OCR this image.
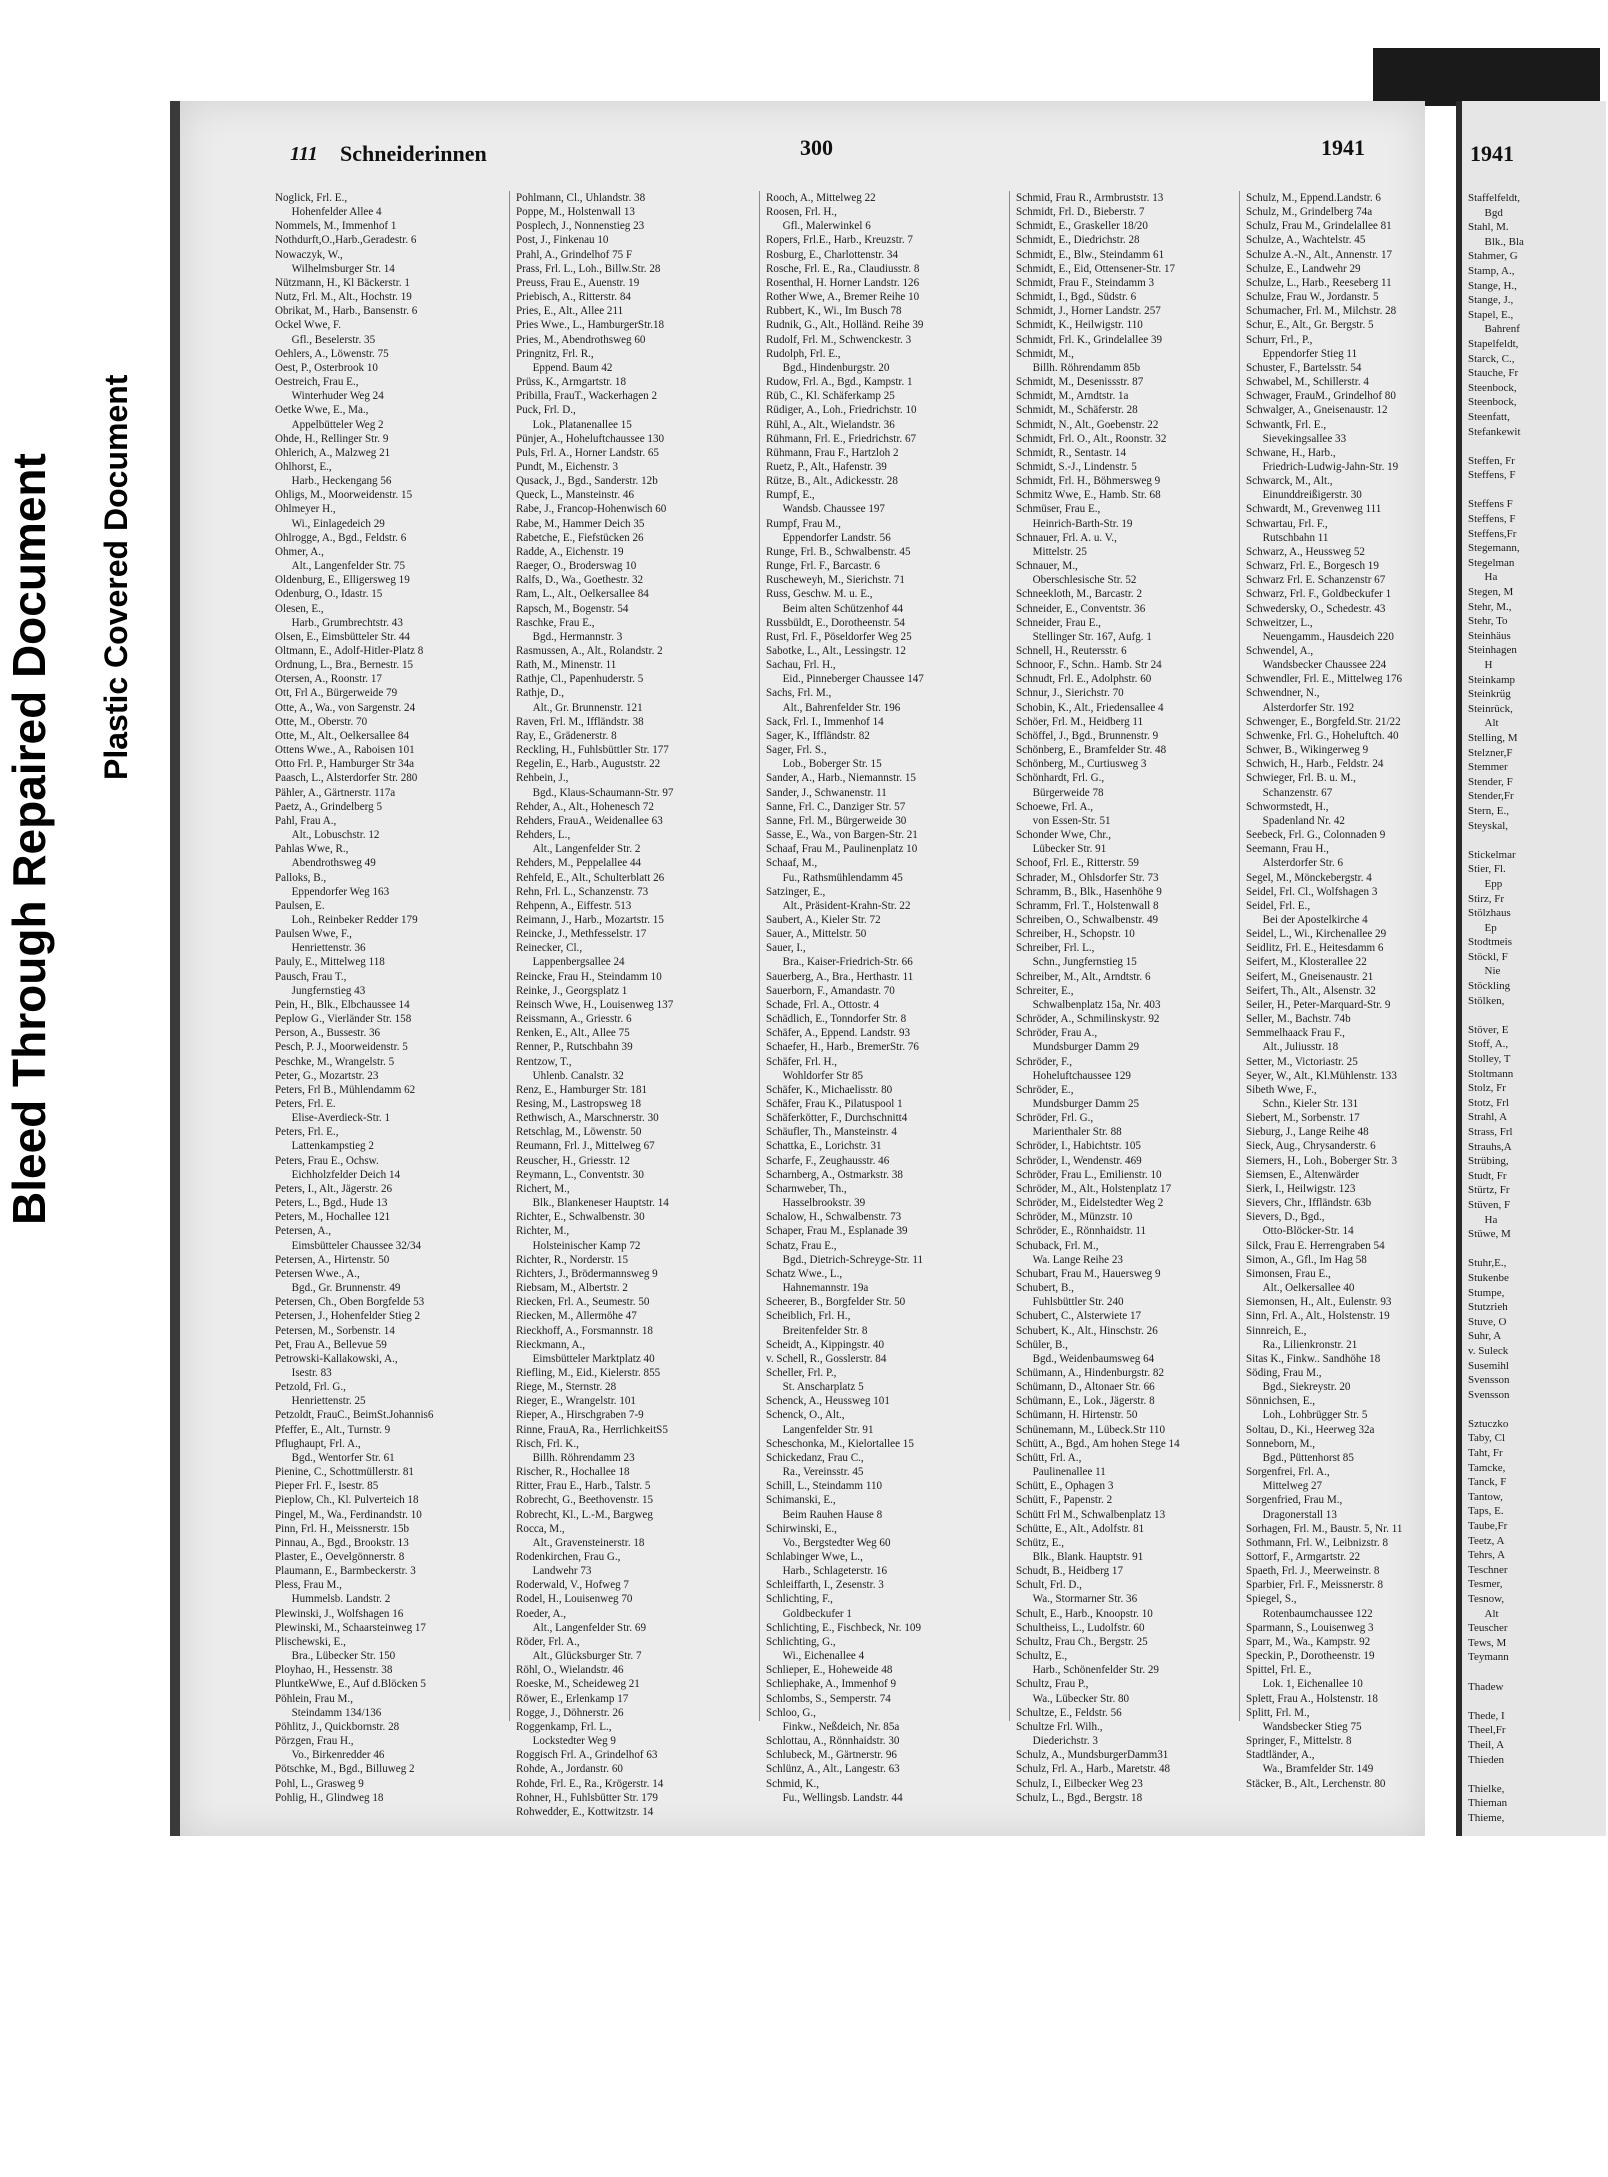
Bleed Through Repaired Document Plastic Covered Document
111 Schneiderinnen	300	1941
Noglick, Frl. E.,
Hohenfelder Allee 4
Nommels, M., Immenhof 1
Nothdurft,O.,Harb.,Geradestr. 6
Nowaczyk, W.,
Wilhelmsburger Str. 14
Nützmann, H., Kl Bäckerstr. 1
Nutz, Frl. M., Alt., Hochstr. 19
Obrikat, M., Harb., Bansenstr. 6
Ockel Wwe, F.
Gfl., Beselerstr. 35
Oehlers, A., Löwenstr. 75
Oest, P., Osterbrook 10
Oestreich, Frau E.,
Winterhuder Weg 24
Oetke Wwe, E., Ma.,
Appelbütteler Weg 2
Ohde, H., Rellinger Str. 9
Ohlerich, A., Malzweg 21
Ohlhorst, E.,
Harb., Heckengang 56
Ohligs, M., Moorweidenstr. 15
Ohlmeyer H.,
Wi., Einlagedeich 29
Ohlrogge, A., Bgd., Feldstr. 6
Ohmer, A.,
Alt., Langenfelder Str. 75
Oldenburg, E., Elligersweg 19
Odenburg, O., Idastr. 15
Olesen, E.,
Harb., Grumbrechtstr. 43
Olsen, E., Eimsbütteler Str. 44
Oltmann, E., Adolf-Hitler-Platz 8
Ordnung, L., Bra., Bernestr. 15
Otersen, A., Roonstr. 17
Ott, Frl A., Bürgerweide 79
Otte, A., Wa., von Sargenstr. 24
Otte, M., Oberstr. 70
Otte, M., Alt., Oelkersallee 84
Ottens Wwe., A., Raboisen 101
Otto Frl. P., Hamburger Str 34a
Paasch, L., Alsterdorfer Str. 280
Pähler, A., Gärtnerstr. 117a
Paetz, A., Grindelberg 5
Pahl, Frau A.,
Alt., Lobuschstr. 12
Pahlas Wwe, R.,
Abendrothsweg 49
Palloks, B.,
Eppendorfer Weg 163
Paulsen, E.
Loh., Reinbeker Redder 179
Paulsen Wwe, F.,
Henriettenstr. 36
Pauly, E., Mittelweg 118
Pausch, Frau T.,
Jungfernstieg 43
Pein, H., Blk., Elbchaussee 14
Peplow G., Vierländer Str. 158
Person, A., Bussestr. 36
Pesch, P. J., Moorweidenstr. 5
Peschke, M., Wrangelstr. 5
Peter, G., Mozartstr. 23
Peters, Frl B., Mühlendamm 62
Peters, Frl. E.
Elise-Averdieck-Str. 1
Peters, Frl. E.,
Lattenkampstieg 2
Peters, Frau E., Ochsw.
Eichholzfelder Deich 14
Peters, I., Alt., Jägerstr. 26
Peters, L., Bgd., Hude 13
Peters, M., Hochallee 121
Petersen, A.,
Eimsbütteler Chaussee 32/34
Petersen, A., Hirtenstr. 50
Petersen Wwe., A.,
Bgd., Gr. Brunnenstr. 49
Petersen, Ch., Oben Borgfelde 53
Petersen, J., Hohenfelder Stieg 2
Petersen, M., Sorbenstr. 14
Pet, Frau A., Bellevue 59
Petrowski-Kallakowski, A.,
Isestr. 83
Petzold, Frl. G.,
Henriettenstr. 25
Petzoldt, FrauC., BeimSt.Johannis6
Pfeffer, E., Alt., Turnstr. 9
Pflughaupt, Frl. A.,
Bgd., Wentorfer Str. 61
Pienine, C., Schottmüllerstr. 81
Pieper Frl. F., Isestr. 85
Pieplow, Ch., Kl. Pulverteich 18
Pingel, M., Wa., Ferdinandstr. 10
Pinn, Frl. H., Meissnerstr. 15b
Pinnau, A., Bgd., Brookstr. 13
Plaster, E., Oevelgönnerstr. 8
Plaumann, E., Barmbeckerstr. 3
Pless, Frau M.,
Hummelsb. Landstr. 2
Plewinski, J., Wolfshagen 16
Plewinski, M., Schaarsteinweg 17
Plischewski, E.,
Bra., Lübecker Str. 150
Ployhao, H., Hessenstr. 38
PluntkeWwe, E., Auf d.Blöcken 5
Pöhlein, Frau M.,
Steindamm 134/136
Pöhlitz, J., Quickbornstr. 28
Pörzgen, Frau H.,
Vo., Birkenredder 46
Pötschke, M., Bgd., Billuweg 2
Pohl, L., Grasweg 9
Pohlig, H., Glindweg 18
Pohlmann, Cl., Uhlandstr. 38
Poppe, M., Holstenwall 13
Posplech, J., Nonnenstieg 23
Post, J., Finkenau 10
Prahl, A., Grindelhof 75 F
Prass, Frl. L., Loh., Billw.Str. 28
Preuss, Frau E., Auenstr. 19
Priebisch, A., Ritterstr. 84
Pries, E., Alt., Allee 211
Pries Wwe., L., HamburgerStr.18
Pries, M., Abendrothsweg 60
Pringnitz, Frl. R.,
Eppend. Baum 42
Prüss, K., Armgartstr. 18
Pribilla, FrauT., Wackerhagen 2
Puck, Frl. D.,
Lok., Platanenallee 15
Pünjer, A., Hoheluftchaussee 130
Puls, Frl. A., Horner Landstr. 65
Pundt, M., Eichenstr. 3
Qusack, J., Bgd., Sanderstr. 12b
Queck, L., Mansteinstr. 46
Rabe, J., Francop-Hohenwisch 60
Rabe, M., Hammer Deich 35
Rabetche, E., Fiefstücken 26
Radde, A., Eichenstr. 19
Raeger, O., Broderswag 10
Ralfs, D., Wa., Goethestr. 32
Ram, L., Alt., Oelkersallee 84
Rapsch, M., Bogenstr. 54
Raschke, Frau E.,
Bgd., Hermannstr. 3
Rasmussen, A., Alt., Rolandstr. 2
Rath, M., Minenstr. 11
Rathje, Cl., Papenhuderstr. 5
Rathje, D.,
Alt., Gr. Brunnenstr. 121
Raven, Frl. M., Iffländstr. 38
Ray, E., Grädenerstr. 8
Reckling, H., Fuhlsbüttler Str. 177
Regelin, E., Harb., Auguststr. 22
Rehbein, J.,
Bgd., Klaus-Schaumann-Str. 97
Rehder, A., Alt., Hohenesch 72
Rehders, FrauA., Weidenallee 63
Rehders, L.,
Alt., Langenfelder Str. 2
Rehders, M., Peppelallee 44
Rehfeld, E., Alt., Schulterblatt 26
Rehn, Frl. L., Schanzenstr. 73
Rehpenn, A., Eiffestr. 513
Reimann, J., Harb., Mozartstr. 15
Reincke, J., Methfesselstr. 17
Reinecker, Cl.,
Lappenbergsallee 24
Reincke, Frau H., Steindamm 10
Reinke, J., Georgsplatz 1
Reinsch Wwe, H., Louisenweg 137
Reissmann, A., Griesstr. 6
Renken, E., Alt., Allee 75
Renner, P., Rutschbahn 39
Rentzow, T.,
Uhlenb. Canalstr. 32
Renz, E., Hamburger Str. 181
Resing, M., Lastropsweg 18
Rethwisch, A., Marschnerstr. 30
Retschlag, M., Löwenstr. 50
Reumann, Frl. J., Mittelweg 67
Reuscher, H., Griesstr. 12
Reymann, L., Conventstr. 30
Richert, M.,
Blk., Blankeneser Hauptstr. 14
Richter, E., Schwalbenstr. 30
Richter, M.,
Holsteinischer Kamp 72
Richter, R., Norderstr. 15
Richters, J., Brödermannsweg 9
Riebsam, M., Albertstr. 2
Riecken, Frl. A., Seumestr. 50
Riecken, M., Allermöhe 47
Rieckhoff, A., Forsmannstr. 18
Rieckmann, A.,
Eimsbütteler Marktplatz 40
Riefling, M., Eid., Kielerstr. 855
Riege, M., Sternstr. 28
Rieger, E., Wrangelstr. 101
Rieper, A., Hirschgraben 7-9
Rinne, FrauA, Ra., HerrlichkeitS5
Risch, Frl. K.,
Billh. Röhrendamm 23
Rischer, R., Hochallee 18
Ritter, Frau E., Harb., Talstr. 5
Robrecht, G., Beethovenstr. 15
Robrecht, Kl., L.-M., Bargweg
Rocca, M.,
Alt., Gravensteinerstr. 18
Rodenkirchen, Frau G.,
Landwehr 73
Roderwald, V., Hofweg 7
Rodel, H., Louisenweg 70
Roeder, A.,
Alt., Langenfelder Str. 69
Röder, Frl. A.,
Alt., Glücksburger Str. 7
Röhl, O., Wielandstr. 46
Roeske, M., Scheideweg 21
Röwer, E., Erlenkamp 17
Rogge, J., Döhnerstr. 26
Roggenkamp, Frl. L.,
Lockstedter Weg 9
Roggisch Frl. A., Grindelhof 63
Rohde, A., Jordanstr. 60
Rohde, Frl. E., Ra., Krögerstr. 14
Rohner, H., Fuhlsbütter Str. 179
Rohwedder, E., Kottwitzstr. 14
Rooch, A., Mittelweg 22
Roosen, Frl. H.,
Gfl., Malerwinkel 6
Ropers, Frl.E., Harb., Kreuzstr. 7
Rosburg, E., Charlottenstr. 34
Rosche, Frl. E., Ra., Claudiusstr. 8
Rosenthal, H. Horner Landstr. 126
Rother Wwe, A., Bremer Reihe 10
Rubbert, K., Wi., Im Busch 78
Rudnik, G., Alt., Holländ. Reihe 39
Rudolf, Frl. M., Schwenckestr. 3
Rudolph, Frl. E.,
Bgd., Hindenburgstr. 20
Rudow, Frl. A., Bgd., Kampstr. 1
Rüb, C., Kl. Schäferkamp 25
Rüdiger, A., Loh., Friedrichstr. 10
Rühl, A., Alt., Wielandstr. 36
Rühmann, Frl. E., Friedrichstr. 67
Rühmann, Frau F., Hartzloh 2
Ruetz, P., Alt., Hafenstr. 39
Rütze, B., Alt., Adickesstr. 28
Rumpf, E.,
Wandsb. Chaussee 197
Rumpf, Frau M.,
Eppendorfer Landstr. 56
Runge, Frl. B., Schwalbenstr. 45
Runge, Frl. F., Barcastr. 6
Ruscheweyh, M., Sierichstr. 71
Russ, Geschw. M. u. E.,
Beim alten Schützenhof 44
Russbüldt, E., Dorotheenstr. 54
Rust, Frl. F., Pöseldorfer Weg 25
Sabotke, L., Alt., Lessingstr. 12
Sachau, Frl. H.,
Eid., Pinneberger Chaussee 147
Sachs, Frl. M.,
Alt., Bahrenfelder Str. 196
Sack, Frl. I., Immenhof 14
Sager, K., Iffländstr. 82
Sager, Frl. S.,
Lob., Boberger Str. 15
Sander, A., Harb., Niemannstr. 15
Sander, J., Schwanenstr. 11
Sanne, Frl. C., Danziger Str. 57
Sanne, Frl. M., Bürgerweide 30
Sasse, E., Wa., von Bargen-Str. 21
Schaaf, Frau M., Paulinenplatz 10
Schaaf, M.,
Fu., Rathsmühlendamm 45
Satzinger, E.,
Alt., Präsident-Krahn-Str. 22
Saubert, A., Kieler Str. 72
Sauer, A., Mittelstr. 50
Sauer, I.,
Bra., Kaiser-Friedrich-Str. 66
Sauerberg, A., Bra., Herthastr. 11
Sauerborn, F., Amandastr. 70
Schade, Frl. A., Ottostr. 4
Schädlich, E., Tonndorfer Str. 8
Schäfer, A., Eppend. Landstr. 93
Schaefer, H., Harb., BremerStr. 76
Schäfer, Frl. H.,
Wohldorfer Str 85
Schäfer, K., Michaelisstr. 80
Schäfer, Frau K., Pilatuspool 1
Schäferkötter, F., Durchschnitt4
Schäufler, Th., Mansteinstr. 4
Schattka, E., Lorichstr. 31
Scharfe, F., Zeughausstr. 46
Scharnberg, A., Ostmarkstr. 38
Scharnweber, Th.,
Hasselbrookstr. 39
Schalow, H., Schwalbenstr. 73
Schaper, Frau M., Esplanade 39
Schatz, Frau E.,
Bgd., Dietrich-Schreyge-Str. 11
Schatz Wwe., L.,
Hahnemannstr. 19a
Scheerer, B., Borgfelder Str. 50
Scheiblich, Frl. H.,
Breitenfelder Str. 8
Scheidt, A., Kippingstr. 40
v. Schell, R., Gosslerstr. 84
Scheller, Frl. P.,
St. Anscharplatz 5
Schenck, A., Heussweg 101
Schenck, O., Alt.,
Langenfelder Str. 91
Scheschonka, M., Kielortallee 15
Schickedanz, Frau C.,
Ra., Vereinsstr. 45
Schill, L., Steindamm 110
Schimanski, E.,
Beim Rauhen Hause 8
Schirwinski, E.,
Vo., Bergstedter Weg 60
Schlabinger Wwe, L.,
Harb., Schlageterstr. 16
Schleiffarth, I., Zesenstr. 3
Schlichting, F.,
Goldbeckufer 1
Schlichting, E., Fischbeck, Nr. 109
Schlichting, G.,
Wi., Eichenallee 4
Schlieper, E., Hoheweide 48
Schliephake, A., Immenhof 9
Schlombs, S., Semperstr. 74
Schloo, G.,
Finkw., Neßdeich, Nr. 85a
Schlottau, A., Rönnhaidstr. 30
Schlubeck, M., Gärtnerstr. 96
Schlünz, A., Alt., Langestr. 63
Schmid, K.,
Fu., Wellingsb. Landstr. 44
Schmid, Frau R., Armbruststr. 13
Schmidt, Frl. D., Bieberstr. 7
Schmidt, E., Graskeller 18/20
Schmidt, E., Diedrichstr. 28
Schmidt, E., Blw., Steindamm 61
Schmidt, E., Eid, Ottensener-Str. 17
Schmidt, Frau F., Steindamm 3
Schmidt, I., Bgd., Südstr. 6
Schmidt, J., Horner Landstr. 257
Schmidt, K., Heilwigstr. 110
Schmidt, Frl. K., Grindelallee 39
Schmidt, M.,
Billh. Röhrendamm 85b
Schmidt, M., Desenissstr. 87
Schmidt, M., Arndtstr. 1a
Schmidt, M., Schäferstr. 28
Schmidt, N., Alt., Goebenstr. 22
Schmidt, Frl. O., Alt., Roonstr. 32
Schmidt, R., Sentastr. 14
Schmidt, S.-J., Lindenstr. 5
Schmidt, Frl. H., Böhmersweg 9
Schmitz Wwe, E., Hamb. Str. 68
Schmüser, Frau E.,
Heinrich-Barth-Str. 19
Schnauer, Frl. A. u. V.,
Mittelstr. 25
Schnauer, M.,
Oberschlesische Str. 52
Schneekloth, M., Barcastr. 2
Schneider, E., Conventstr. 36
Schneider, Frau E.,
Stellinger Str. 167, Aufg. 1
Schnell, H., Reutersstr. 6
Schnoor, F., Schn.. Hamb. Str 24
Schnudt, Frl. E., Adolphstr. 60
Schnur, J., Sierichstr. 70
Schobin, K., Alt., Friedensallee 4
Schöer, Frl. M., Heidberg 11
Schöffel, J., Bgd., Brunnenstr. 9
Schönberg, E., Bramfelder Str. 48
Schönberg, M., Curtiusweg 3
Schönhardt, Frl. G.,
Bürgerweide 78
Schoewe, Frl. A.,
von Essen-Str. 51
Schonder Wwe, Chr.,
Lübecker Str. 91
Schoof, Frl. E., Ritterstr. 59
Schrader, M., Ohlsdorfer Str. 73
Schramm, B., Blk., Hasenhöhe 9
Schramm, Frl. T., Holstenwall 8
Schreiben, O., Schwalbenstr. 49
Schreiber, H., Schopstr. 10
Schreiber, Frl. L.,
Schn., Jungfernstieg 15
Schreiber, M., Alt., Arndtstr. 6
Schreiter, E.,
Schwalbenplatz 15a, Nr. 403
Schröder, A., Schmilinskystr. 92
Schröder, Frau A.,
Mundsburger Damm 29
Schröder, F.,
Hoheluftchaussee 129
Schröder, E.,
Mundsburger Damm 25
Schröder, Frl. G.,
Marienthaler Str. 88
Schröder, I., Habichtstr. 105
Schröder, I., Wendenstr. 469
Schröder, Frau L., Emilienstr. 10
Schröder, M., Alt., Holstenplatz 17
Schröder, M., Eidelstedter Weg 2
Schröder, M., Münzstr. 10
Schröder, E., Rönnhaidstr. 11
Schuback, Frl. M.,
Wa. Lange Reihe 23
Schubart, Frau M., Hauersweg 9
Schubert, B.,
Fuhlsbüttler Str. 240
Schubert, C., Alsterwiete 17
Schubert, K., Alt., Hinschstr. 26
Schüler, B.,
Bgd., Weidenbaumsweg 64
Schümann, A., Hindenburgstr. 82
Schümann, D., Altonaer Str. 66
Schümann, E., Lok., Jägerstr. 8
Schümann, H. Hirtenstr. 50
Schünemann, M., Lübeck.Str 110
Schütt, A., Bgd., Am hohen Stege 14
Schütt, Frl. A.,
Paulinenallee 11
Schütt, E., Ophagen 3
Schütt, F., Papenstr. 2
Schütt Frl M., Schwalbenplatz 13
Schütte, E., Alt., Adolfstr. 81
Schütz, E.,
Blk., Blank. Hauptstr. 91
Schudt, B., Heidberg 17
Schult, Frl. D.,
Wa., Stormarner Str. 36
Schult, E., Harb., Knoopstr. 10
Schultheiss, L., Ludolfstr. 60
Schultz, Frau Ch., Bergstr. 25
Schultz, E.,
Harb., Schönenfelder Str. 29
Schultz, Frau P.,
Wa., Lübecker Str. 80
Schultze, E., Feldstr. 56
Schultze Frl. Wilh.,
Diederichstr. 3
Schulz, A., MundsburgerDamm31
Schulz, Frl. A., Harb., Maretstr. 48
Schulz, I., Eilbecker Weg 23
Schulz, L., Bgd., Bergstr. 18
Schulz, M., Eppend.Landstr. 6
Schulz, M., Grindelberg 74a
Schulz, Frau M., Grindelallee 81
Schulze, A., Wachtelstr. 45
Schulze A.-N., Alt., Annenstr. 17
Schulze, E., Landwehr 29
Schulze, L., Harb., Reeseberg 11
Schulze, Frau W., Jordanstr. 5
Schumacher, Frl. M., Milchstr. 28
Schur, E., Alt., Gr. Bergstr. 5
Schurr, Frl., P.,
Eppendorfer Stieg 11
Schuster, F., Bartelsstr. 54
Schwabel, M., Schillerstr. 4
Schwager, FrauM., Grindelhof 80
Schwalger, A., Gneisenaustr. 12
Schwantk, Frl. E.,
Sievekingsallee 33
Schwane, H., Harb.,
Friedrich-Ludwig-Jahn-Str. 19
Schwarck, M., Alt.,
Einunddreißigerstr. 30
Schwardt, M., Grevenweg 111
Schwartau, Frl. F.,
Rutschbahn 11
Schwarz, A., Heussweg 52
Schwarz, Frl. E., Borgesch 19
Schwarz Frl. E. Schanzenstr 67
Schwarz, Frl. F., Goldbeckufer 1
Schwedersky, O., Schedestr. 43
Schweitzer, L.,
Neuengamm., Hausdeich 220
Schwendel, A.,
Wandsbecker Chaussee 224
Schwendler, Frl. E., Mittelweg 176
Schwendner, N.,
Alsterdorfer Str. 192
Schwenger, E., Borgfeld.Str. 21/22
Schwenke, Frl. G., Hoheluftch. 40
Schwer, B., Wikingerweg 9
Schwich, H., Harb., Feldstr. 24
Schwieger, Frl. B. u. M.,
Schanzenstr. 67
Schwormstedt, H.,
Spadenland Nr. 42
Seebeck, Frl. G., Colonnaden 9
Seemann, Frau H.,
Alsterdorfer Str. 6
Segel, M., Mönckebergstr. 4
Seidel, Frl. Cl., Wolfshagen 3
Seidel, Frl. E.,
Bei der Apostelkirche 4
Seidel, L., Wi., Kirchenallee 29
Seidlitz, Frl. E., Heitesdamm 6
Seifert, M., Klosterallee 22
Seifert, M., Gneisenaustr. 21
Seifert, Th., Alt., Alsenstr. 32
Seiler, H., Peter-Marquard-Str. 9
Seller, M., Bachstr. 74b
Semmelhaack Frau F.,
Alt., Juliusstr. 18
Setter, M., Victoriastr. 25
Seyer, W., Alt., Kl.Mühlenstr. 133
Sibeth Wwe, F.,
Schn., Kieler Str. 131
Siebert, M., Sorbenstr. 17
Sieburg, J., Lange Reihe 48
Sieck, Aug., Chrysanderstr. 6
Siemers, H., Loh., Boberger Str. 3
Siemsen, E., Altenwärder
Sierk, I., Heilwigstr. 123
Sievers, Chr., Iffländstr. 63b
Sievers, D., Bgd.,
Otto-Blöcker-Str. 14
Silck, Frau E. Herrengraben 54
Simon, A., Gfl., Im Hag 58
Simonsen, Frau E.,
Alt., Oelkersallee 40
Siemonsen, H., Alt., Eulenstr. 93
Sinn, Frl. A., Alt., Holstenstr. 19
Sinnreich, E.,
Ra., Lilienkronstr. 21
Sitas K., Finkw.. Sandhöhe 18
Söding, Frau M.,
Bgd., Siekreystr. 20
Sönnichsen, E.,
Loh., Lohbrügger Str. 5
Soltau, D., Ki., Heerweg 32a
Sonneborn, M.,
Bgd., Püttenhorst 85
Sorgenfrei, Frl. A.,
Mittelweg 27
Sorgenfried, Frau M.,
Dragonerstall 13
Sorhagen, Frl. M., Baustr. 5, Nr. 11
Sothmann, Frl. W., Leibnizstr. 8
Sottorf, F., Armgartstr. 22
Spaeth, Frl. J., Meerweinstr. 8
Sparbier, Frl. F., Meissnerstr. 8
Spiegel, S.,
Rotenbaumchaussee 122
Sparmann, S., Louisenweg 3
Sparr, M., Wa., Kampstr. 92
Speckin, P., Dorotheenstr. 19
Spittel, Frl. E.,
Lok. 1, Eichenallee 10
Splett, Frau A., Holstenstr. 18
Splitt, Frl. M.,
Wandsbecker Stieg 75
Springer, F., Mittelstr. 8
Stadtländer, A.,
Wa., Bramfelder Str. 149
Stäcker, B., Alt., Lerchenstr. 80
1941
Staffelfeldt,
Bgd
Stahl, M.
Blk., Bla
Stahmer, G
Stamp, A.,
Stange, H.,
Stange, J.,
Stapel, E.,
Bahrenf
Stapelfeldt,
Starck, C.,
Stauche, Fr
Steenbock,
Steenbock,
Steenfatt,
Stefankewit

Steffen, Fr
Steffens, F

Steffens F
Steffens, F
Steffens,Fr
Stegemann,
Stegelman
Ha
Stegen, M
Stehr, M.,
Stehr, To
Steinhäus
Steinhagen
H
Steinkamp
Steinkrüg
Steinrück,
Alt
Stelling, M
Stelzner,F
Stemmer
Stender, F
Stender,Fr
Stern, E.,
Steyskal,

Stickelmar
Stier, Fl.
Epp
Stirz, Fr
Stölzhaus
Ep
Stodtmeis
Stöckl, F
Nie
Stöckling
Stölken,

Stöver, E
Stoff, A.,
Stolley, T
Stoltmann
Stolz, Fr
Stotz, Frl
Strahl, A
Strass, Frl
Strauhs,A
Strübing,
Studt, Fr
Stürtz, Fr
Stüven, F
Ha
Stüwe, M

Stuhr,E.,
Stukenbe
Stumpe,
Stutzrieh
Stuve, O
Suhr, A
v. Suleck
Susemihl
Svensson
Svensson

Sztuczko
Taby, Cl
Taht, Fr
Tamcke,
Tanck, F
Tantow,
Taps, E.
Taube,Fr
Teetz, A
Tehrs, A
Teschner
Tesmer,
Tesnow,
Alt
Teuscher
Tews, M
Teymann

Thadew

Thede, I
Theel,Fr
Theil, A
Thieden

Thielke,
Thieman
Thieme,
